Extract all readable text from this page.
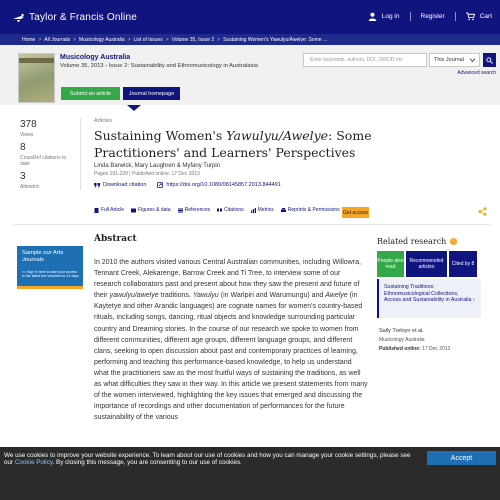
Taylor & Francis Online	Log in	Register	Cart
Home > All Journals > Musicology Australia > List of Issues > Volume 35, Issue 2 > Sustaining Women's Yawulyu/Awelye: Some ...
Musicology Australia
Volume 35, 2013 - Issue 2: Sustainability and Ethnomusicology in Australasia
Submit an article	Journal homepage
Enter keywords, authors, DOI, ORCID etc	This Journal
Advanced search
378
Views
8
CrossRef citations to date
3
Altmetric
Articles
Sustaining Women's Yawulyu/Awelye: Some
Practitioners' and Learners' Perspectives
Linda Barwick, Mary Laughren & Myfany Turpin
Pages 191-220 | Published online: 17 Dec 2013
Download citation	https://doi.org/10.1080/08145857.2013.844491
Full Article	Figures & data	References	Citations	Metrics	Reprints & Permissions Get access
Sample our Arts Journals
>> Sign in here to start your access to the latest two volumes for 14 days
Abstract
In 2010 the authors visited various Central Australian communities, including Willowra, Tennant Creek, Alekarenge, Barrow Creek and Ti Tree, to interview some of our research collaborators past and present about how they saw the present and future of their yawulyu/awelye traditions. Yawulyu (in Warlpiri and Warumungu) and Awelye (in Kaytetye and other Arandic languages) are cognate names for women's country-based rituals, including songs, dancing, ritual objects and knowledge surrounding particular country and Dreaming stories. In the course of our research we spoke to women from different communities, different age groups, different language groups, and different clans, seeking to open discussion about past and contemporary practices of learning, performing and teaching this performance-based knowledge, to help us understand what the practitioners saw as the most fruitful ways of sustaining the traditions, as well as what difficulties they saw in their way. In this article we present statements from many of the women interviewed, highlighting the key issues that emerged and discussing the importance of recordings and other documentation of performances for the future sustainability of the various
Related research	i
People also read
Recommended articles	Cited by 8
Sustaining Traditions: Ethnomusicological Collections, Access and Sustainability in Australia ›
Sally Treloyn et al.
Musicology Australia
Published online: 17 Dec 2013
We use cookies to improve your website experience. To learn about our use of cookies and how you can manage your cookie settings, please see our Cookie Policy. By closing this message, you are consenting to our use of cookies.
Accept
